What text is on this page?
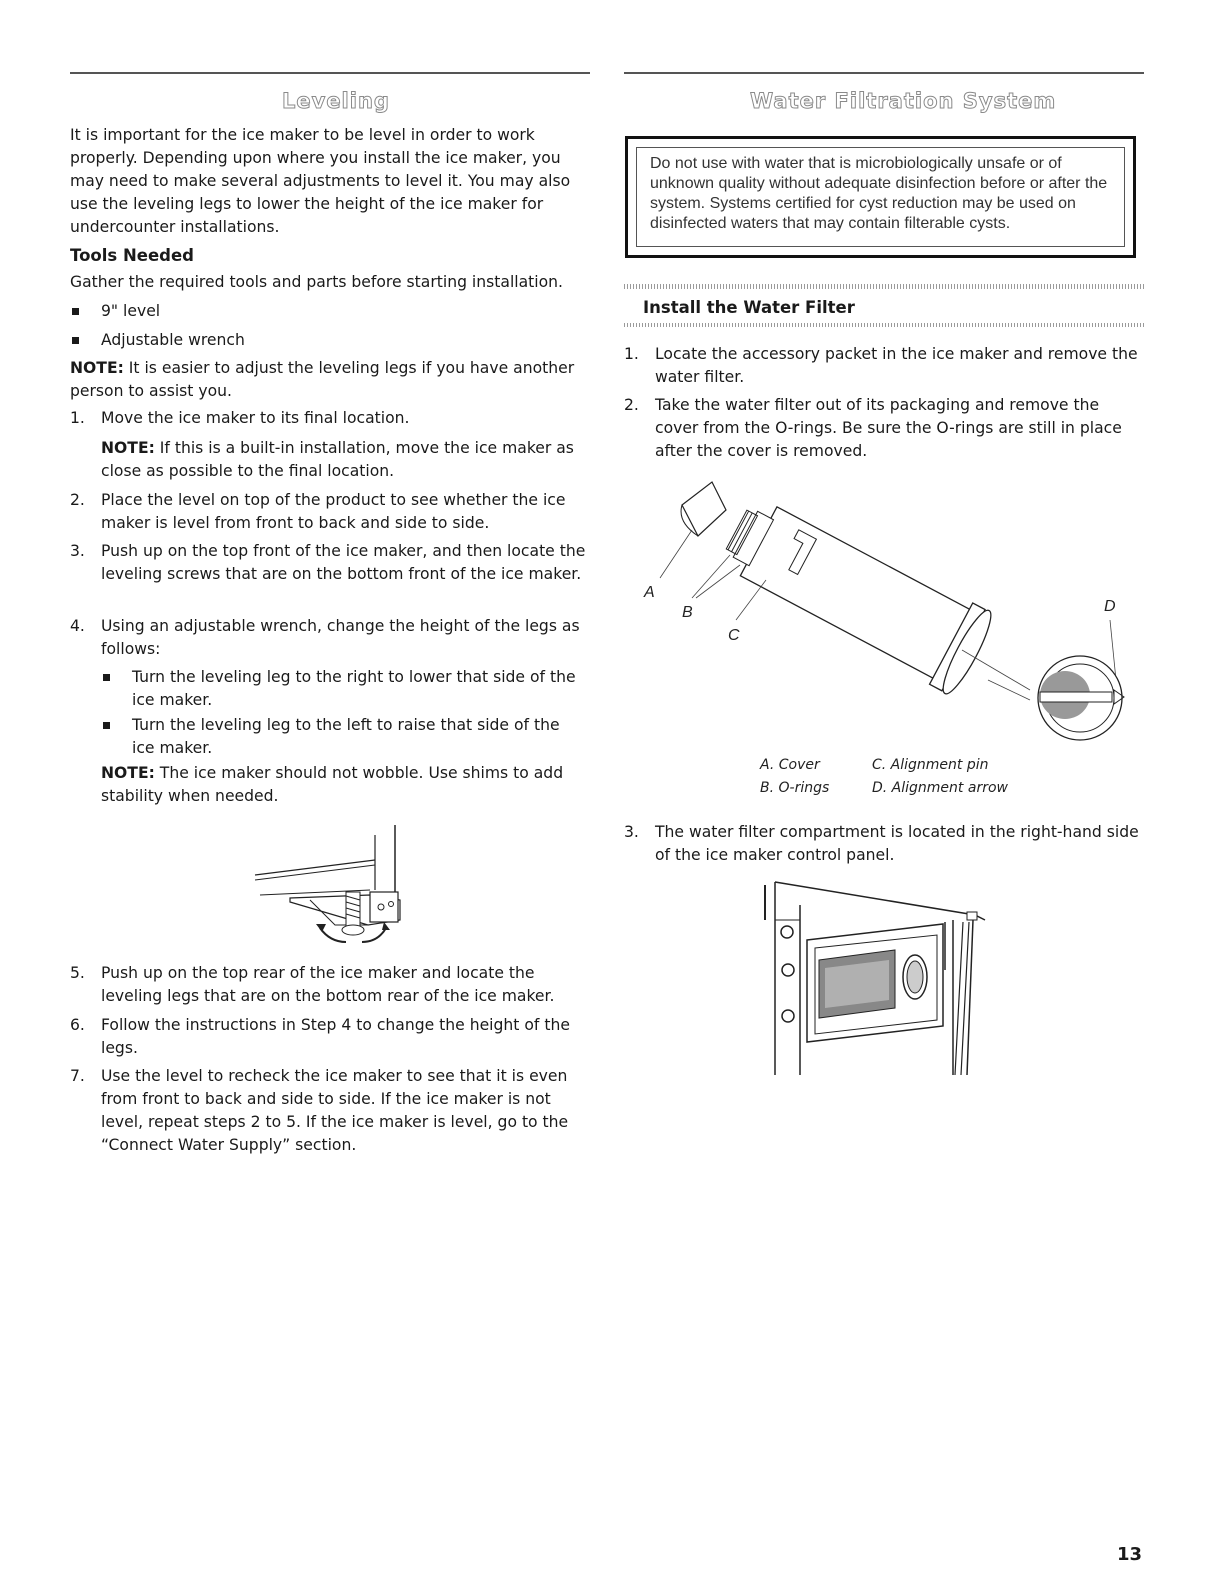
Leveling

It is important for the ice maker to be level in order to work properly. Depending upon where you install the ice maker, you may need to make several adjustments to level it. You may also use the leveling legs to lower the height of the ice maker for undercounter installations.

Tools Needed

Gather the required tools and parts before starting installation.

9" level
Adjustable wrench

NOTE: It is easier to adjust the leveling legs if you have another person to assist you.

1. Move the ice maker to its final location.

NOTE: If this is a built-in installation, move the ice maker as close as possible to the final location.

2. Place the level on top of the product to see whether the ice maker is level from front to back and side to side.
3. Push up on the top front of the ice maker, and then locate the leveling screws that are on the bottom front of the ice maker.
4. Using an adjustable wrench, change the height of the legs as follows:
Turn the leveling leg to the right to lower that side of the ice maker.
Turn the leveling leg to the left to raise that side of the ice maker.

NOTE: The ice maker should not wobble. Use shims to add stability when needed.

5. Push up on the top rear of the ice maker and locate the leveling legs that are on the bottom rear of the ice maker.
6. Follow the instructions in Step 4 to change the height of the legs.
7. Use the level to recheck the ice maker to see that it is even from front to back and side to side. If the ice maker is not level, repeat steps 2 to 5. If the ice maker is level, go to the “Connect Water Supply” section.
Water Filtration System
Do not use with water that is microbiologically unsafe or of unknown quality without adequate disinfection before or after the system. Systems certified for cyst reduction may be used on disinfected waters that may contain filterable cysts.
Install the Water Filter
1. Locate the accessory packet in the ice maker and remove the water filter.
2. Take the water filter out of its packaging and remove the cover from the O-rings. Be sure the O-rings are still in place after the cover is removed.
3. The water filter compartment is located in the right-hand side of the ice maker control panel.
A
B
C
D
A. Cover
B. O-rings
C. Alignment pin
D. Alignment arrow
13
